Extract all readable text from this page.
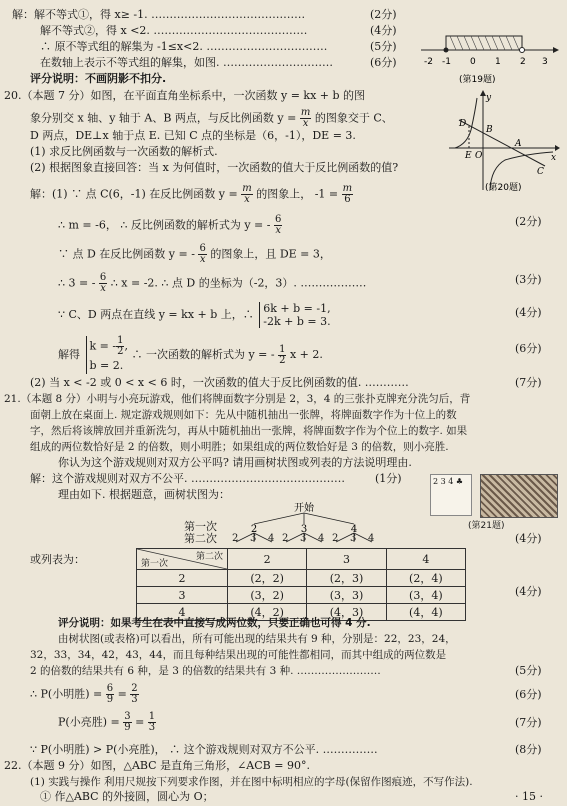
解：解不等式①，得 x≥ -1. ……………………………………	(2分)
解不等式②，得 x <2. ……………………………………	(4分)
∴ 原不等式组的解集为 -1≤x<2. ……………………………	(5分)
在数轴上表示不等式组的解集，如图. …………………………	(6分)
评分说明：不画阴影不扣分.
-2 -1 0 1 2 3
(第19题)
20.（本题 7 分）如图，在平面直角坐标系中，一次函数 y = kx + b 的图
象分别交 x 轴、y 轴于 A、B 两点，与反比例函数 $y = \frac{m}{x}$ 的图象交于 C、
D 两点，DE⊥x 轴于点 E. 已知 C 点的坐标是（6，-1），DE = 3.
(1) 求反比例函数与一次函数的解析式.
(2) 根据图象直接回答：当 x 为何值时，一次函数的值大于反比例函数的值?
y
x
D
B
A
C
E O
(第20题)
解：(1) ∵ 点 C(6，-1) 在反比例函数 $y = \frac{m}{x}$ 的图象上， $-1 = \frac{m}{6}$
∴ m = -6， ∴ 反比例函数的解析式为 y = - $\frac{6}{x}$	(2分)
∵ 点 D 在反比例函数 y = - $\frac{6}{x}$ 的图象上，且 DE = 3，
∴ 3 = - $\frac{6}{x}$ ∴ x = -2. ∴ 点 D 的坐标为（-2，3）. ………………	(3分)
∵ C、D 两点在直线 y = kx + b 上，∴ 6k + b = -1,
-2k + b = 3.
(4分)
解得 k = - $\frac{1}{2}$ ,
b = 2. ∴ 一次函数的解析式为 y = - $\frac{1}{2}$ x + 2.	(6分)
(2) 当 x < -2 或 0 < x < 6 时，一次函数的值大于反比例函数的值. …………	(7分)
21.（本题 8 分）小明与小亮玩游戏，他们将牌面数字分别是 2，3，4 的三张扑克牌充分洗匀后，背
面朝上放在桌面上. 规定游戏规则如下：先从中随机抽出一张牌，将牌面数字作为十位上的数
字，然后将该牌放回并重新洗匀，再从中随机抽出一张牌，将牌面数字作为个位上的数字. 如果
组成的两位数恰好是 2 的倍数，则小明胜；如果组成的两位数恰好是 3 的倍数，则小亮胜.
你认为这个游戏规则对双方公平吗? 请用画树状图或列表的方法说明理由.
解：这个游戏规则对双方不公平. ……………………………………	(1分)
理由如下. 根据题意，画树状图为：
2 3 4 ♣
(第21题)
开始
2	3	4
第一次
第二次 2 3 4 2 3 4 2 3 4	(4分)
或列表为：
(4分)
第二次
第一次	2	3	4
2	(2，2)	(2，3)	(2，4)
3	(3，2)	(3，3)	(3，4)
4	(4，2)	(4，3)	(4，4)
评分说明：如果考生在表中直接写成两位数，只要正确也可得 4 分.
由树状图(或表格)可以看出，所有可能出现的结果共有 9 种，分别是：22，23，24，
32，33，34，42，43，44，而且每种结果出现的可能性都相同，而其中组成的两位数是
2 的倍数的结果共有 6 种，是 3 的倍数的结果共有 3 种. ……………………	(5分)
∴ P(小明胜) = $\frac{6}{9} = \frac{2}{3}$	(6分)
P(小亮胜) = $\frac{3}{9} = \frac{1}{3}$	(7分)
∵ P(小明胜) > P(小亮胜)， ∴ 这个游戏规则对双方不公平. ……………	(8分)
22.（本题 9 分）如图，△ABC 是直角三角形，∠ACB = 90°.
(1) 实践与操作 利用尺规按下列要求作图，并在图中标明相应的字母(保留作图痕迹，不写作法).
① 作△ABC 的外接圆，圆心为 O；	· 15 ·
